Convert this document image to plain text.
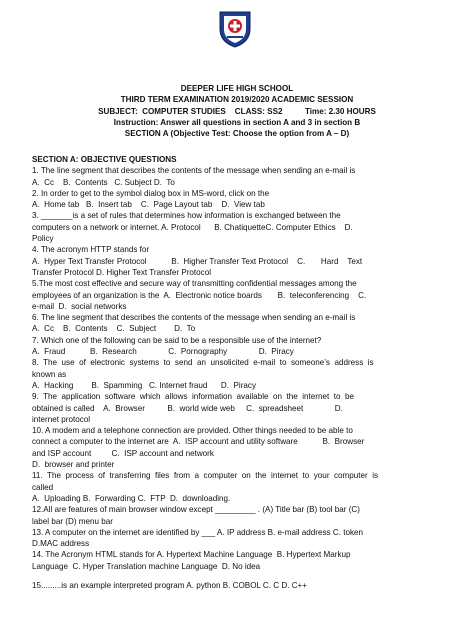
DEEPER LIFE HIGH SCHOOL
THIRD TERM EXAMINATION 2019/2020 ACADEMIC SESSION
SUBJECT:  COMPUTER STUDIES    CLASS: SS2          Time: 2.30 HOURS
Instruction: Answer all questions in section A and 3 in section B
SECTION A (Objective Test: Choose the option from A – D)
SECTION A: OBJECTIVE QUESTIONS
1. The line segment that describes the contents of the message when sending an e-mail is
A.  Cc    B.  Contents   C. Subject D.  To
2. In order to get to the symbol dialog box in MS-word, click on the
A.  Home tab   B.  Insert tab    C.  Page Layout tab    D.  View tab
3. _______is a set of rules that determines how information is exchanged between the
computers on a network or internet. A. Protocol      B. ChatiquetteC. Computer Ethics    D.
Policy
4. The acronym HTTP stands for
A.  Hyper Text Transfer Protocol           B.  Higher Transfer Text Protocol    C.       Hard    Text
Transfer Protocol D. Higher Text Transfer Protocol
5.The most cost effective and secure way of transmitting confidential messages among the
employees of an organization is the  A.  Electronic notice boards       B.  teleconferencing    C.
e-mail  D.  social networks
6. The line segment that describes the contents of the message when sending an e-mail is
A.  Cc    B.  Contents    C.  Subject        D.  To
7. Which one of the following can be said to be a responsible use of the internet?
A.  Fraud           B.  Research              C.  Pornography              D.  Piracy
8.  The  use  of  electronic  systems  to  send  an  unsolicited  e-mail  to  someone’s  address  is
known as
A.  Hacking        B.  Spamming   C. Internet fraud      D.  Piracy
9.  The  application  software  which  allows  information  available  on  the  internet  to  be
obtained is called    A.  Browser          B.  world wide web     C.  spreadsheet              D.
internet protocol
10. A modem and a telephone connection are provided. Other things needed to be able to
connect a computer to the internet are  A.  ISP account and utility software           B.  Browser
and ISP account         C.  ISP account and network
D.  browser and printer
11.  The  process  of  transferring  files  from  a  computer  on  the  internet  to  your  computer  is
called
A.  Uploading B.  Forwarding C.  FTP  D.  downloading.
12.All are features of main browser window except _________ . (A) Title bar (B) tool bar (C)
label bar (D) menu bar
13. A computer on the internet are identified by ___ A. IP address B. e-mail address C. token
D.MAC address
14. The Acronym HTML stands for A. Hypertext Machine Language  B. Hypertext Markup
Language  C. Hyper Translation machine Language  D. No idea
15.........is an example interpreted program A. python B. COBOL C. C D. C++
